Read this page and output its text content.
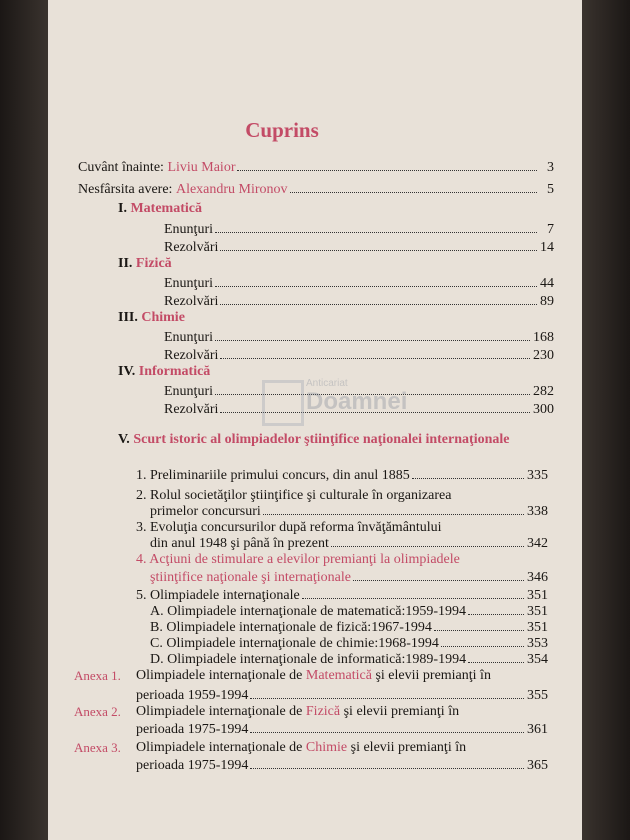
Cuprins
Cuvânt înainte:
Liviu Maior	3
Nesfârsita avere:
Alexandru Mironov	5
I. Matematică
Enunţuri	7
Rezolvări	14
II. Fizică
Enunţuri	44
Rezolvări	89
III. Chimie
Enunţuri	168
Rezolvări	230
IV. Informatică
Enunţuri	282
Rezolvări	300
Anticariat
Doamnei
V. Scurt istoric al olimpiadelor ştiinţifice naţionalei internaţionale
1. Preliminariile primului concurs, din anul 1885	335
2. Rolul societăţilor ştiinţifice şi culturale în organizarea
primelor concursuri	338
3. Evoluţia concursurilor după reforma învăţământului
din anul 1948 şi până în prezent	342
4. Acţiuni de stimulare a elevilor premianţi la olimpiadele
ştiinţifice naţionale şi internaţionale	346
5. Olimpiadele internaţionale	351
A. Olimpiadele internaţionale de matematică:1959-1994	351
B. Olimpiadele internaţionale de fizică:1967-1994	351
C. Olimpiadele internaţionale de chimie:1968-1994	353
D. Olimpiadele internaţionale de informatică:1989-1994	354
Anexa 1. Olimpiadele internaţionale de Matematică şi elevii premianţi în
perioada 1959-1994	355
Anexa 2. Olimpiadele internaţionale de Fizică şi elevii premianţi în
perioada 1975-1994	361
Anexa 3. Olimpiadele internaţionale de Chimie şi elevii premianţi în
perioada 1975-1994	365
